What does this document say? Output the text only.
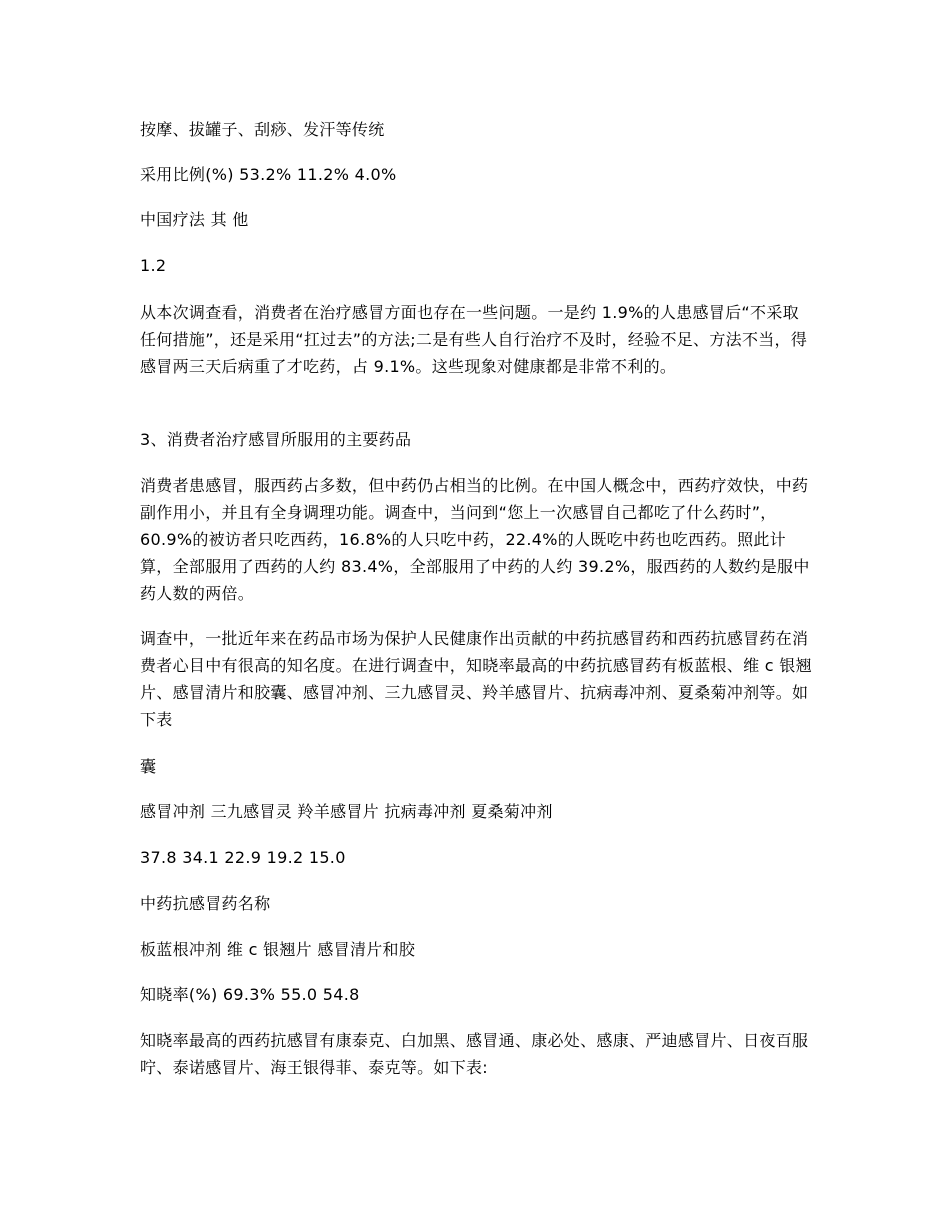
按摩、拔罐子、刮痧、发汗等传统

采用比例(%) 53.2% 11.2% 4.0%

中国疗法 其 他

1.2

从本次调查看，消费者在治疗感冒方面也存在一些问题。一是约 1.9%的人患感冒后“不采取任何措施”，还是采用“扛过去”的方法;二是有些人自行治疗不及时，经验不足、方法不当，得感冒两三天后病重了才吃药，占 9.1%。这些现象对健康都是非常不利的。

3、消费者治疗感冒所服用的主要药品

消费者患感冒，服西药占多数，但中药仍占相当的比例。在中国人概念中，西药疗效快，中药副作用小，并且有全身调理功能。调查中，当问到“您上一次感冒自己都吃了什么药时”，60.9%的被访者只吃西药，16.8%的人只吃中药，22.4%的人既吃中药也吃西药。照此计算，全部服用了西药的人约 83.4%，全部服用了中药的人约 39.2%，服西药的人数约是服中药人数的两倍。

调查中，一批近年来在药品市场为保护人民健康作出贡献的中药抗感冒药和西药抗感冒药在消费者心目中有很高的知名度。在进行调查中，知晓率最高的中药抗感冒药有板蓝根、维 c 银翘片、感冒清片和胶囊、感冒冲剂、三九感冒灵、羚羊感冒片、抗病毒冲剂、夏桑菊冲剂等。如下表

囊

感冒冲剂 三九感冒灵 羚羊感冒片 抗病毒冲剂 夏桑菊冲剂

37.8 34.1 22.9 19.2 15.0

中药抗感冒药名称

板蓝根冲剂 维 c 银翘片 感冒清片和胶

知晓率(%) 69.3% 55.0 54.8

知晓率最高的西药抗感冒有康泰克、白加黑、感冒通、康必处、感康、严迪感冒片、日夜百服咛、泰诺感冒片、海王银得菲、泰克等。如下表:
